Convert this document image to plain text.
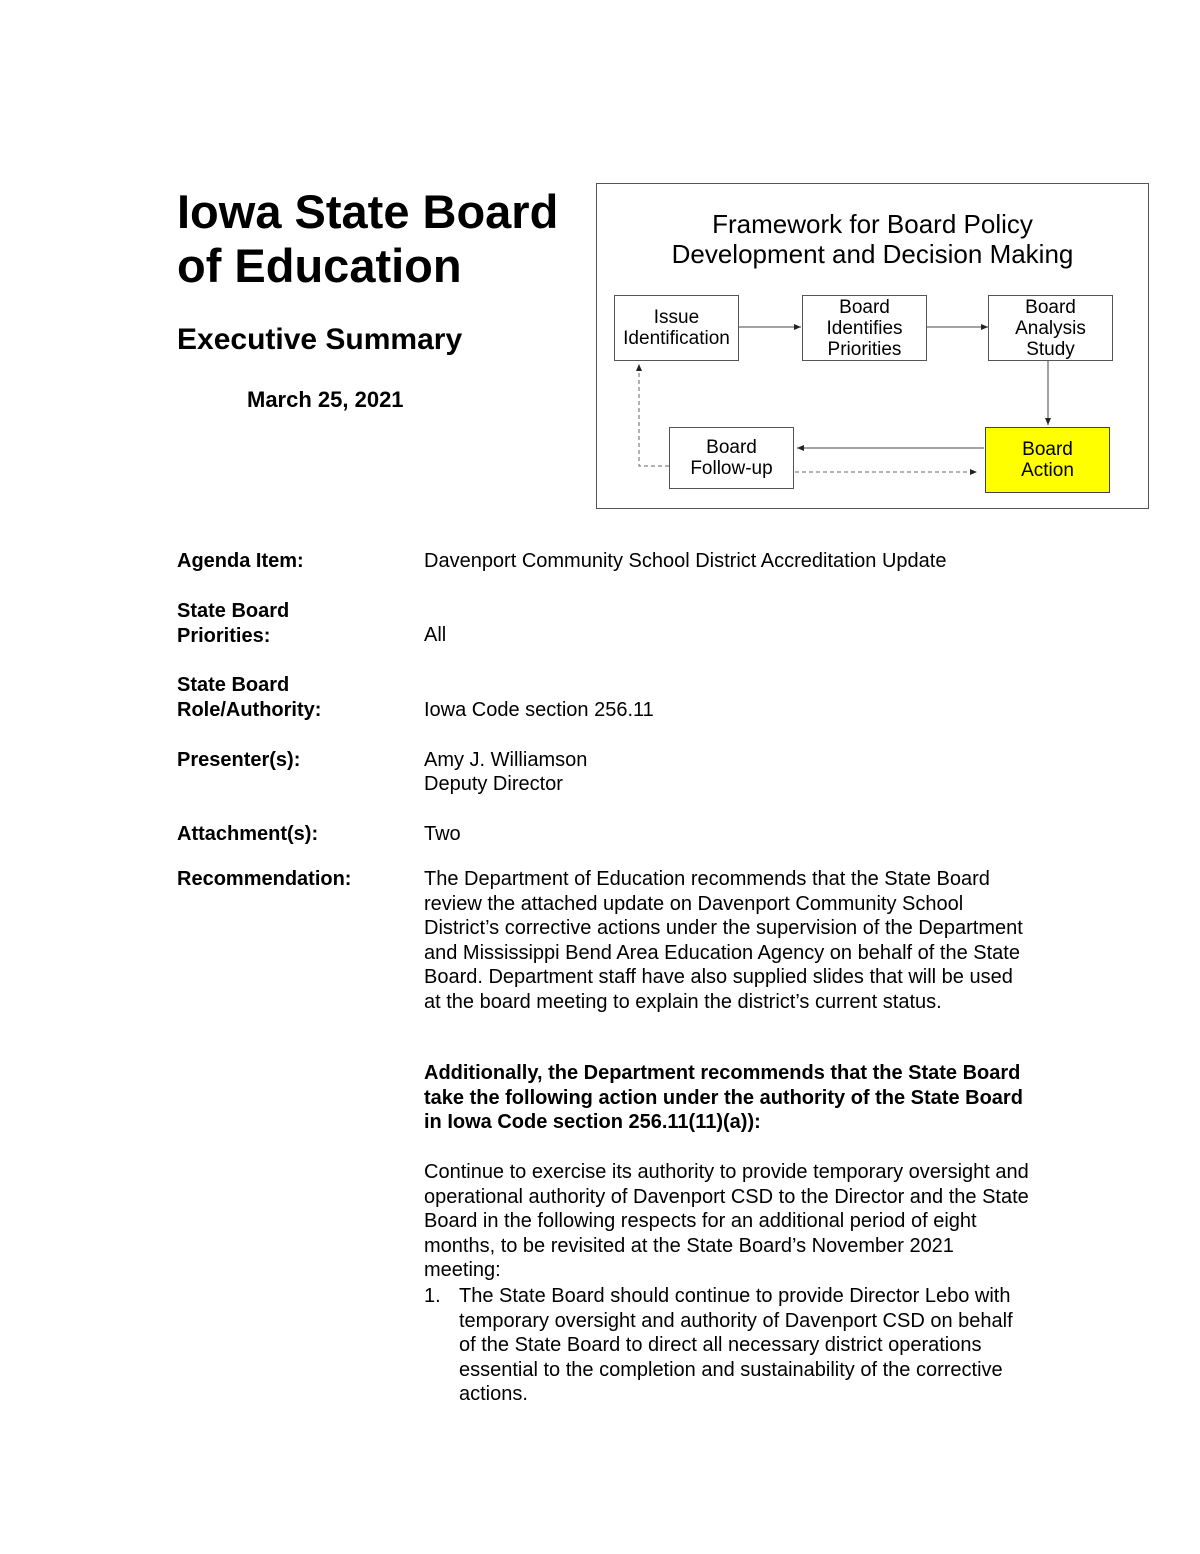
Iowa State Board of Education
Executive Summary
March 25, 2021
Framework for Board Policy Development and Decision Making
Issue
Identification
Board
Identifies
Priorities
Board
Analysis
Study
Board
Action
Board
Follow-up
Agenda Item:	Davenport Community School District Accreditation Update
State Board
Priorities:	All
State Board
Role/Authority:	Iowa Code section 256.11
Presenter(s):	Amy J. Williamson
Deputy Director
Attachment(s):	Two
Recommendation:	The Department of Education recommends that the State Board review the attached update on Davenport Community School District’s corrective actions under the supervision of the Department and Mississippi Bend Area Education Agency on behalf of the State Board. Department staff have also supplied slides that will be used at the board meeting to explain the district’s current status.
Additionally, the Department recommends that the State Board take the following action under the authority of the State Board in Iowa Code section 256.11(11)(a)):
Continue to exercise its authority to provide temporary oversight and operational authority of Davenport CSD to the Director and the State Board in the following respects for an additional period of eight months, to be revisited at the State Board’s November 2021 meeting:
1. The State Board should continue to provide Director Lebo with temporary oversight and authority of Davenport CSD on behalf of the State Board to direct all necessary district operations essential to the completion and sustainability of the corrective actions.
